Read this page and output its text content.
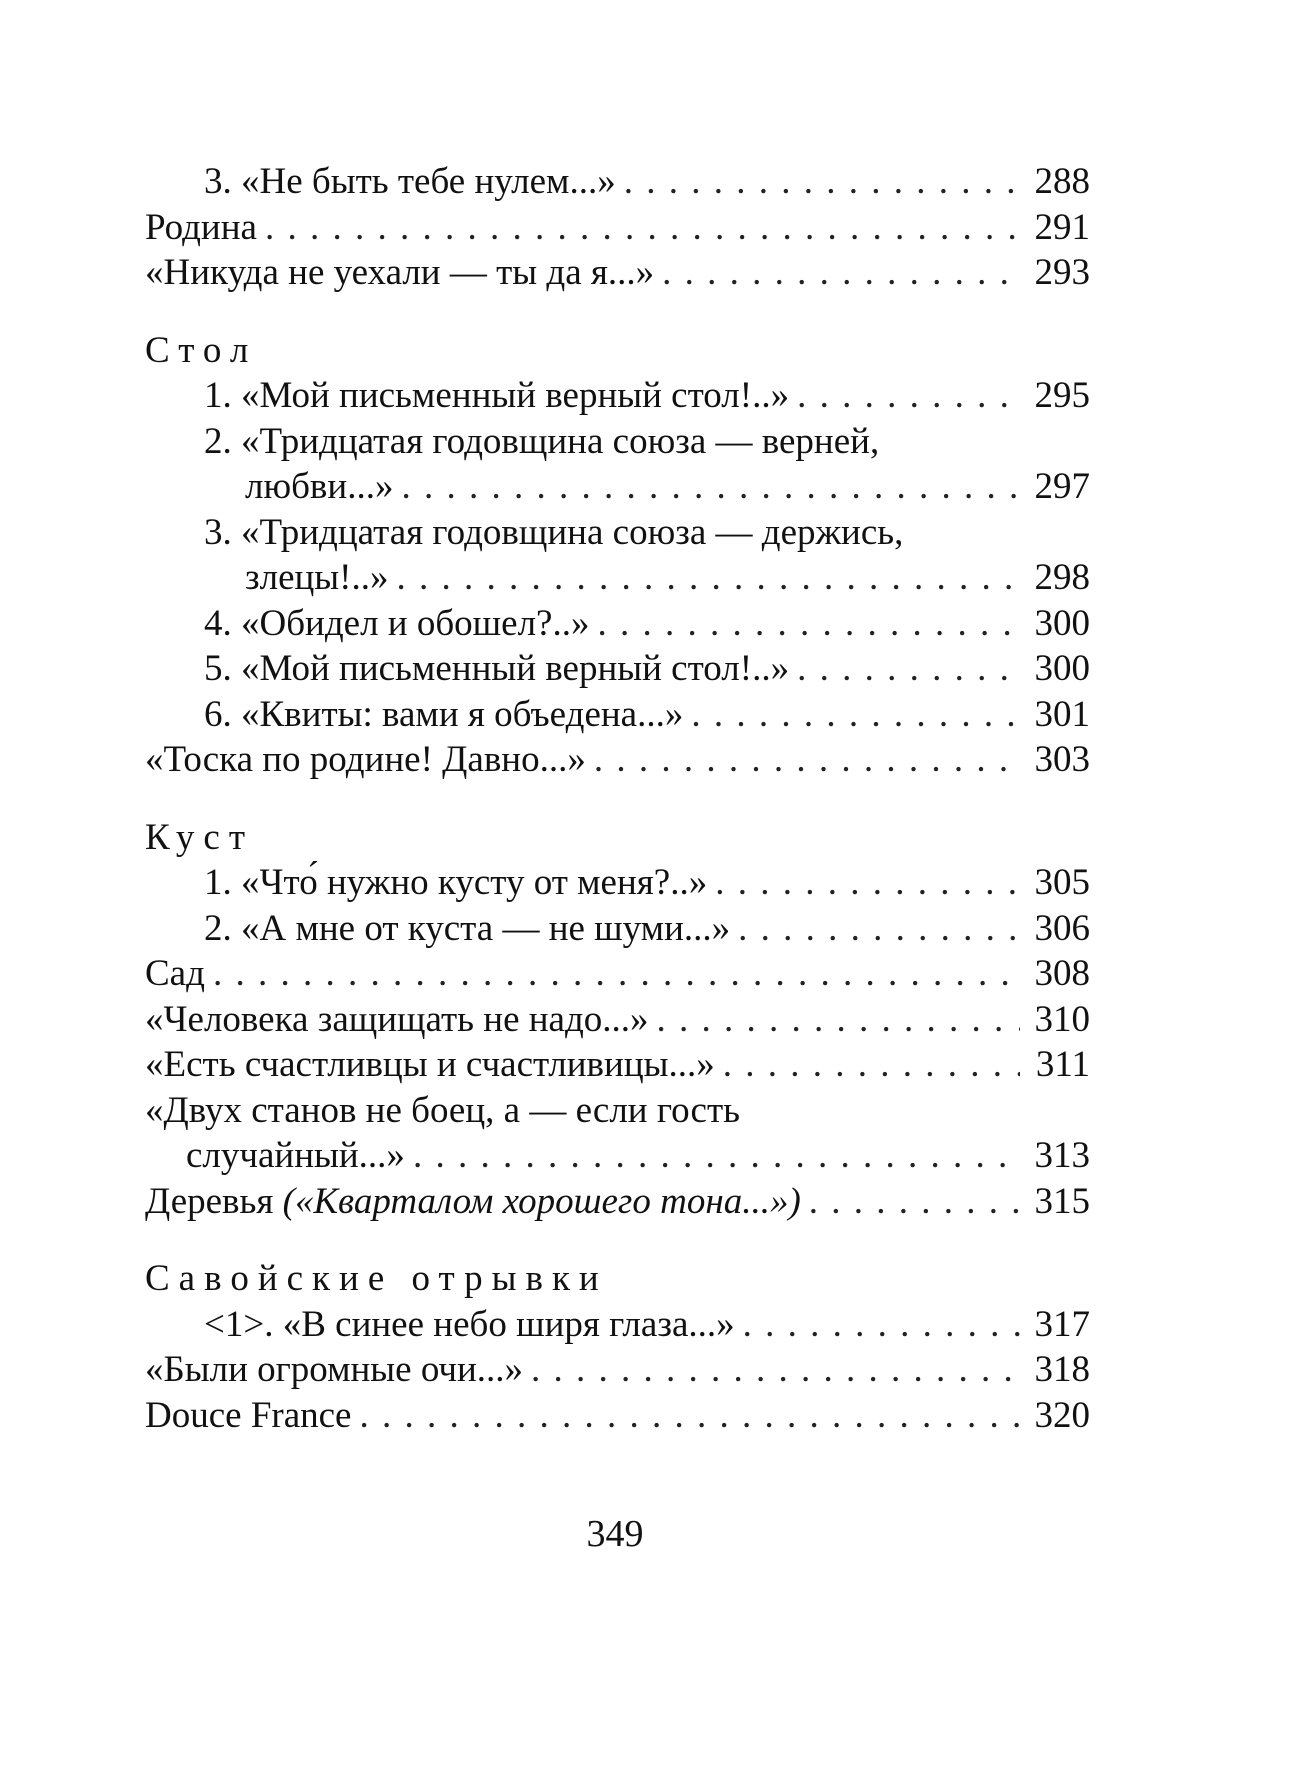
3. «Не быть тебе нулем...» . . .	288
Родина . . .	291
«Никуда не уехали — ты да я...» . . .	293
Стол
1. «Мой письменный верный стол!..» . . .	295
2. «Тридцатая годовщина союза — верней,
любви...» . . .	297
3. «Тридцатая годовщина союза — держись,
злецы!..» . . .	298
4. «Обидел и обошел?..» . . .	300
5. «Мой письменный верный стол!..» . . .	300
6. «Квиты: вами я объедена...» . . .	301
«Тоска по родине! Давно...» . . .	303
Куст
1. «Что́ нужно кусту от меня?..» . . .	305
2. «А мне от куста — не шуми...» . . .	306
Сад . . .	308
«Человека защищать не надо...» . . .	310
«Есть счастливцы и счастливицы...» . . .	311
«Двух станов не боец, а — если гость
случайный...» . . .	313
Деревья («Кварталом хорошего тона...») . . .	315
Савойские отрывки
<1>. «В синее небо ширя глаза...» . . .	317
«Были огромные очи...» . . .	318
Douce France . . .	320
349
